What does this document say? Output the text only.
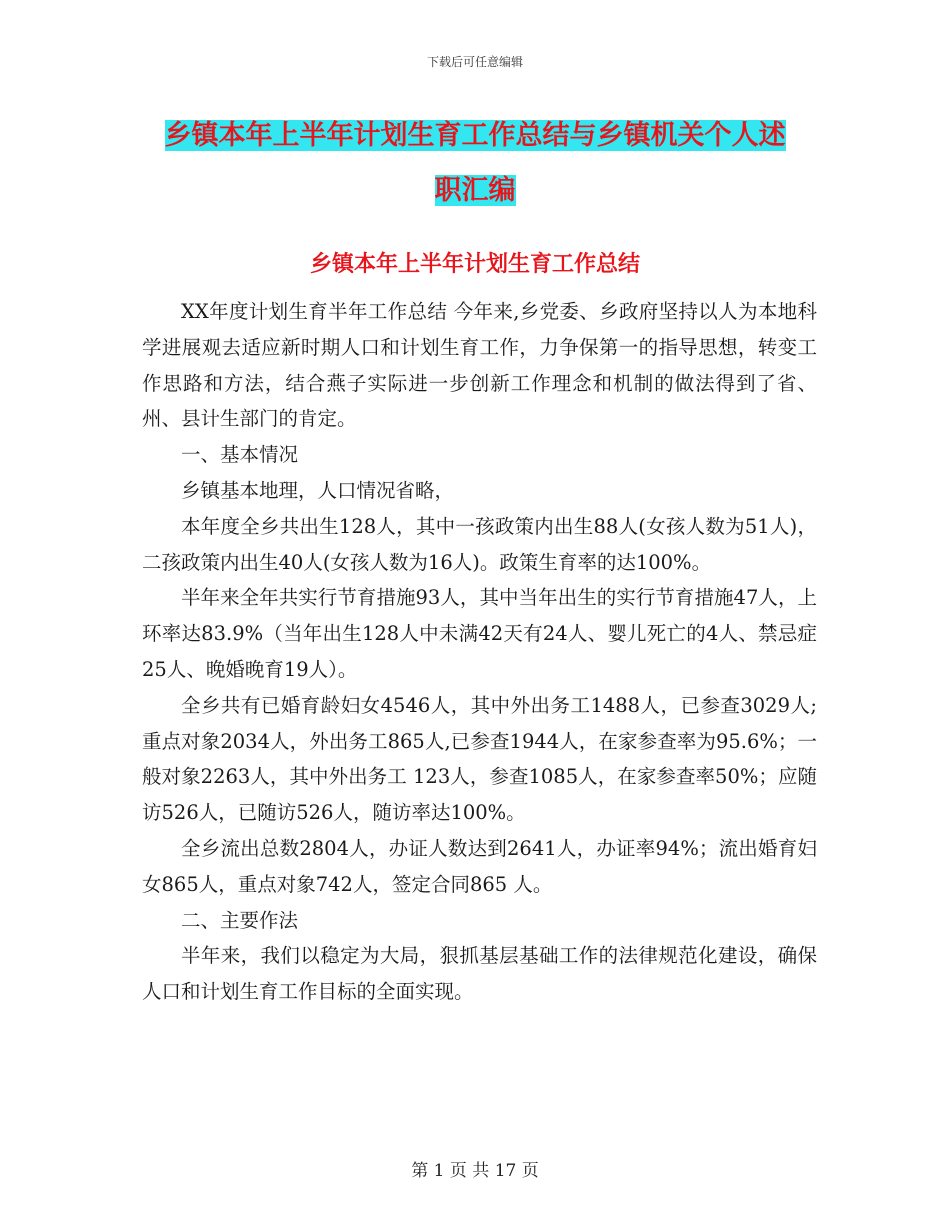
下载后可任意编辑
乡镇本年上半年计划生育工作总结与乡镇机关个人述
职汇编
乡镇本年上半年计划生育工作总结

XX年度计划生育半年工作总结 今年来,乡党委、乡政府坚持以人为本地科学进展观去适应新时期人口和计划生育工作，力争保第一的指导思想，转变工作思路和方法，结合燕子实际进一步创新工作理念和机制的做法得到了省、州、县计生部门的肯定。

一、基本情况

乡镇基本地理，人口情况省略，

本年度全乡共出生128人，其中一孩政策内出生88人(女孩人数为51人)，二孩政策内出生40人(女孩人数为16人)。政策生育率的达100%。

半年来全年共实行节育措施93人，其中当年出生的实行节育措施47人，上环率达83.9%（当年出生128人中未满42天有24人、婴儿死亡的4人、禁忌症25人、晚婚晚育19人）。

全乡共有已婚育龄妇女4546人，其中外出务工1488人，已参查3029人;重点对象2034人，外出务工865人,已参查1944人，在家参查率为95.6%；一般对象2263人，其中外出务工 123人，参查1085人，在家参查率50%；应随访526人，已随访526人，随访率达100%。

全乡流出总数2804人，办证人数达到2641人，办证率94%；流出婚育妇女865人，重点对象742人，签定合同865 人。

二、主要作法

半年来，我们以稳定为大局，狠抓基层基础工作的法律规范化建设，确保人口和计划生育工作目标的全面实现。

第 1 页 共 17 页
